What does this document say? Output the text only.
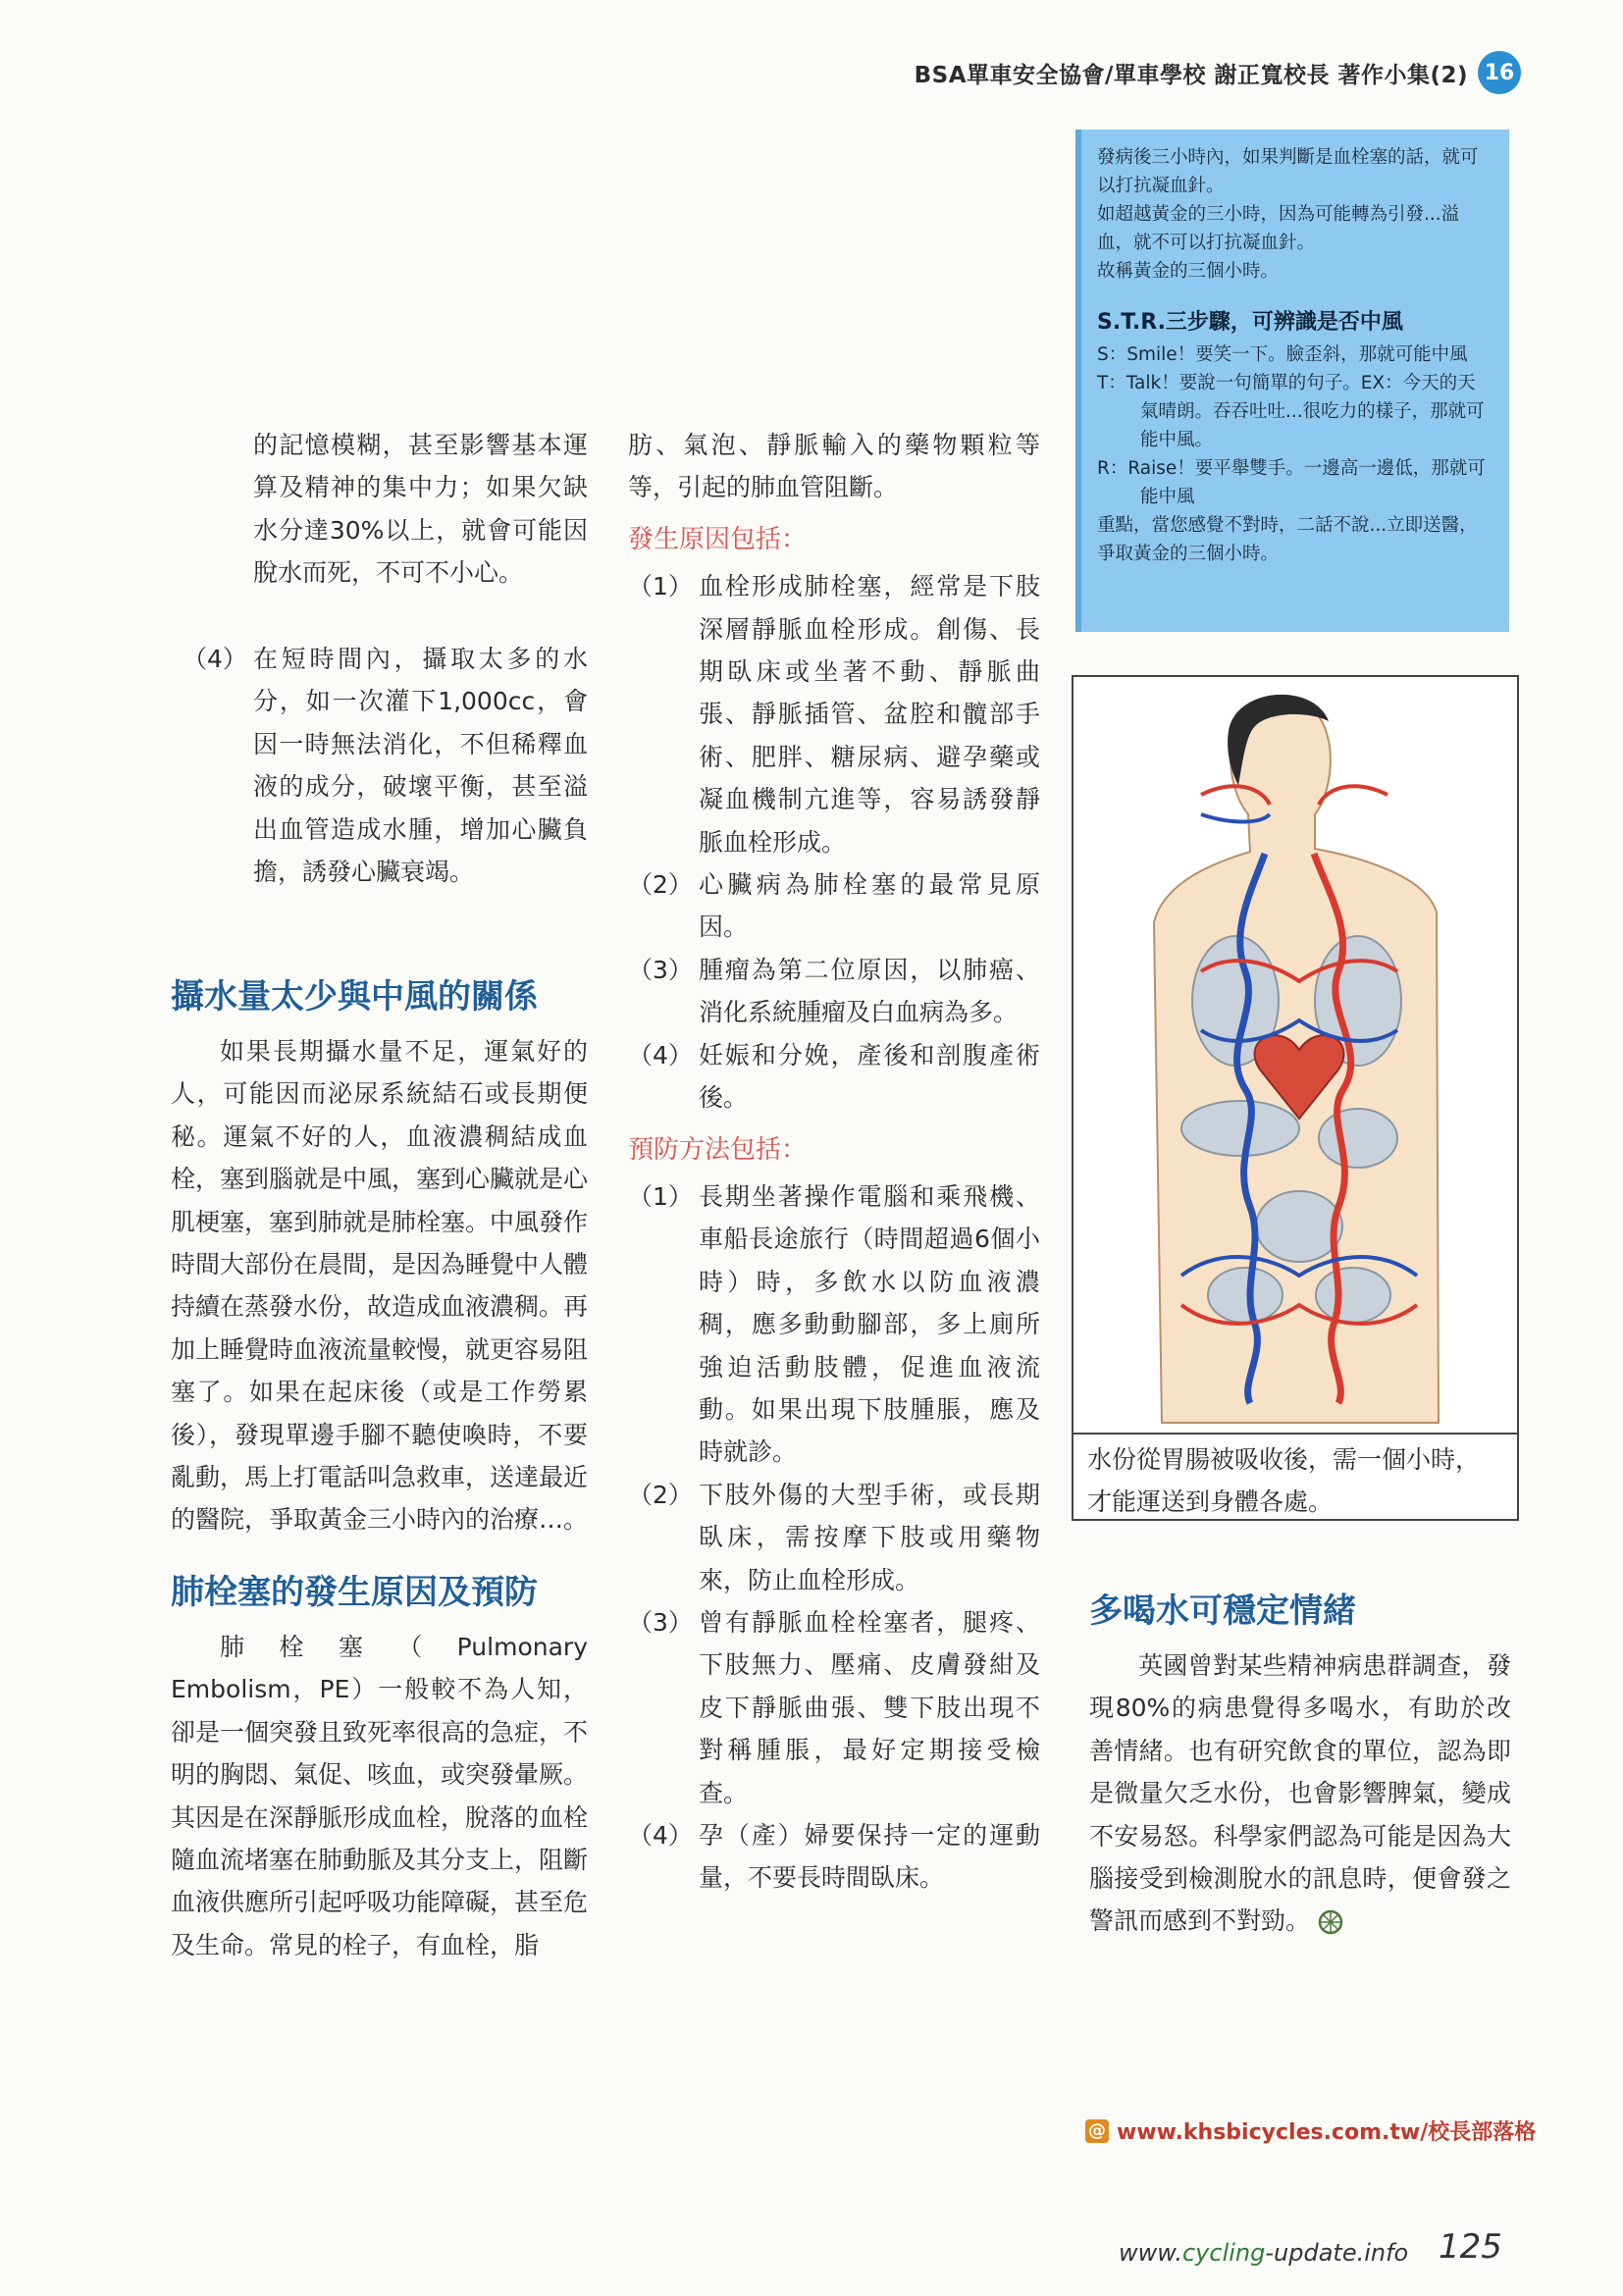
BSA單車安全協會/單車學校 謝正寬校長 著作小集(2) 16

的記憶模糊，甚至影響基本運算及精神的集中力；如果欠缺水分達30%以上，就會可能因脫水而死，不可不小心。

（4） 在短時間內，攝取太多的水分，如一次灌下1,000cc，會因一時無法消化，不但稀釋血液的成分，破壞平衡，甚至溢出血管造成水腫，增加心臟負擔，誘發心臟衰竭。
攝水量太少與中風的關係

如果長期攝水量不足，運氣好的人，可能因而泌尿系統結石或長期便秘。運氣不好的人，血液濃稠結成血栓，塞到腦就是中風，塞到心臟就是心肌梗塞，塞到肺就是肺栓塞。中風發作時間大部份在晨間，是因為睡覺中人體持續在蒸發水份，故造成血液濃稠。再加上睡覺時血液流量較慢，就更容易阻塞了。如果在起床後（或是工作勞累後），發現單邊手腳不聽使喚時，不要亂動，馬上打電話叫急救車，送達最近的醫院，爭取黃金三小時內的治療…。

肺栓塞的發生原因及預防

肺栓塞（Pulmonary Embolism，PE）一般較不為人知，卻是一個突發且致死率很高的急症，不明的胸悶、氣促、咳血，或突發暈厥。其因是在深靜脈形成血栓，脫落的血栓隨血流堵塞在肺動脈及其分支上，阻斷血液供應所引起呼吸功能障礙，甚至危及生命。常見的栓子，有血栓，脂

肪、氣泡、靜脈輸入的藥物顆粒等等，引起的肺血管阻斷。

發生原因包括：
（1） 血栓形成肺栓塞，經常是下肢深層靜脈血栓形成。創傷、長期臥床或坐著不動、靜脈曲張、靜脈插管、盆腔和髖部手術、肥胖、糖尿病、避孕藥或凝血機制亢進等，容易誘發靜脈血栓形成。
（2） 心臟病為肺栓塞的最常見原因。
（3） 腫瘤為第二位原因，以肺癌、消化系統腫瘤及白血病為多。
（4） 妊娠和分娩，產後和剖腹產術後。
預防方法包括：
（1） 長期坐著操作電腦和乘飛機、車船長途旅行（時間超過6個小時）時，多飲水以防血液濃稠，應多動動腳部，多上廁所強迫活動肢體，促進血液流動。如果出現下肢腫脹，應及時就診。
（2） 下肢外傷的大型手術，或長期臥床，需按摩下肢或用藥物來，防止血栓形成。
（3） 曾有靜脈血栓栓塞者，腿疼、下肢無力、壓痛、皮膚發紺及皮下靜脈曲張、雙下肢出現不對稱腫脹，最好定期接受檢查。
（4） 孕（產）婦要保持一定的運動量，不要長時間臥床。

發病後三小時內，如果判斷是血栓塞的話，就可以打抗凝血針。

如超越黃金的三小時，因為可能轉為引發...溢血，就不可以打抗凝血針。

故稱黃金的三個小時。

S.T.R.三步驟，可辨識是否中風

S：Smile！要笑一下。臉歪斜，那就可能中風

T：Talk！要說一句簡單的句子。EX：今天的天氣晴朗。吞吞吐吐...很吃力的樣子，那就可能中風。

R：Raise！要平舉雙手。一邊高一邊低，那就可能中風

重點，當您感覺不對時，二話不說...立即送醫，爭取黃金的三個小時。

水份從胃腸被吸收後，需一個小時，才能運送到身體各處。
多喝水可穩定情緒

英國曾對某些精神病患群調查，發現80%的病患覺得多喝水，有助於改善情緒。也有研究飲食的單位，認為即是微量欠乏水份，也會影響脾氣，變成不安易怒。科學家們認為可能是因為大腦接受到檢測脫水的訊息時，便會發之警訊而感到不對勁。

@ www.khsbicycles.com.tw/校長部落格
www.cycling-update.info 125
